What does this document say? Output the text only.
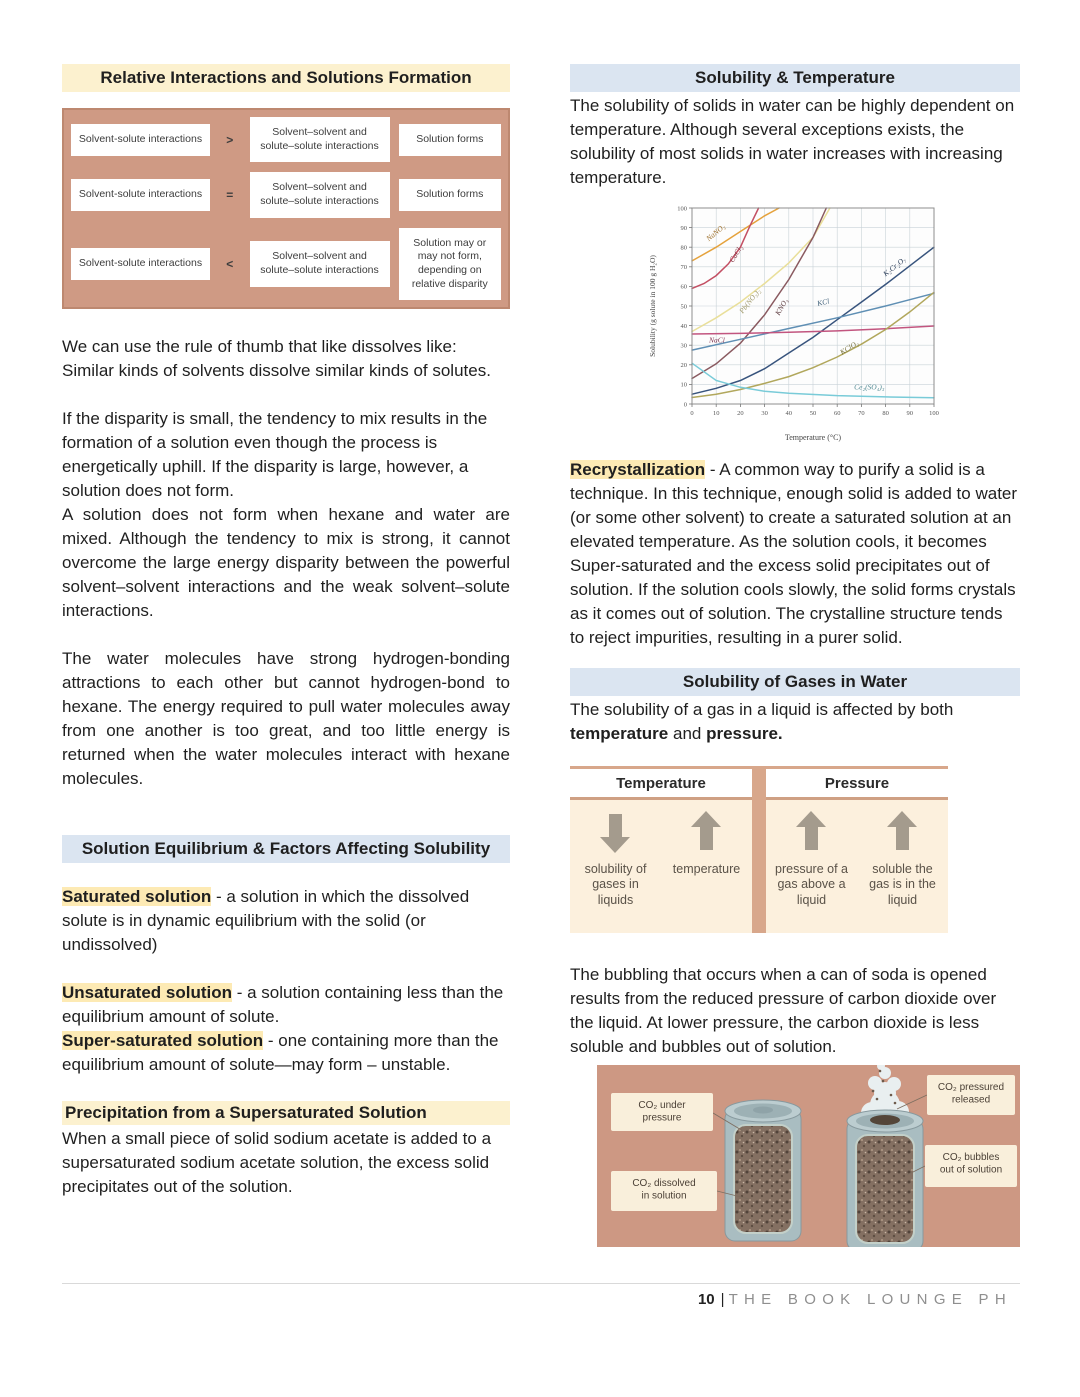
Relative Interactions and Solutions Formation
Solvent-solute interactions	>
Solvent–solvent and solute–solute interactions
Solution forms
Solvent-solute interactions	=
Solvent–solvent and solute–solute interactions
Solution forms
Solvent-solute interactions	<
Solvent–solvent and solute–solute interactions
Solution may or may not form, depending on relative disparity

We can use the rule of thumb that like dissolves like: Similar kinds of solvents dissolve similar kinds of solutes.

If the disparity is small, the tendency to mix results in the formation of a solution even though the process is energetically uphill. If the disparity is large, however, a solution does not form.

A solution does not form when hexane and water are mixed. Although the tendency to mix is strong, it cannot overcome the large energy disparity between the powerful solvent–solvent interactions and the weak solvent–solute interactions.

The water molecules have strong hydrogen-bonding attractions to each other but cannot hydrogen-bond to hexane. The energy required to pull water molecules away from one another is too great, and too little energy is returned when the water molecules interact with hexane molecules.

Solution Equilibrium & Factors Affecting Solubility

Saturated solution - a solution in which the dissolved solute is in dynamic equilibrium with the solid (or undissolved)

Unsaturated solution - a solution containing less than the equilibrium amount of solute.

Super-saturated solution - one containing more than the equilibrium amount of solute—may form – unstable.

Precipitation from a Supersaturated Solution

When a small piece of solid sodium acetate is added to a supersaturated sodium acetate solution, the excess solid precipitates out of the solution.

Solubility & Temperature

The solubility of solids in water can be highly dependent on temperature. Although several exceptions exists, the solubility of most solids in water increases with increasing temperature.

0	10	20	30	40	50	60	70	80	90 100
0
10
20
30
40
50
60
70
80
90
100
Temperature (°C)
Solubility (g solute in 100 g H₂O)
NaNO₃
CaCl₂
Pb(NO₃)₂ KNO₃
K₂Cr₂O₇
KCl
NaCl	KClO₃
Ce₂(SO₄)₃

Recrystallization - A common way to purify a solid is a technique. In this technique, enough solid is added to water (or some other solvent) to create a saturated solution at an elevated temperature. As the solution cools, it becomes

Super-saturated and the excess solid precipitates out of solution. If the solution cools slowly, the solid forms crystals as it comes out of solution. The crystalline structure tends to reject impurities, resulting in a purer solid.

Solubility of Gases in Water

The solubility of a gas in a liquid is affected by both temperature and pressure.

Temperature
solubility of gases in liquids
temperature
Pressure
pressure of a gas above a liquid
soluble the gas is in the liquid

The bubbling that occurs when a can of soda is opened results from the reduced pressure of carbon dioxide over the liquid. At lower pressure, the carbon dioxide is less soluble and bubbles out of solution.

CO₂ under
pressure
CO₂ dissolved
in solution
CO₂ pressured
released
CO₂ bubbles
out of solution
10 | THE BOOK LOUNGE PH
